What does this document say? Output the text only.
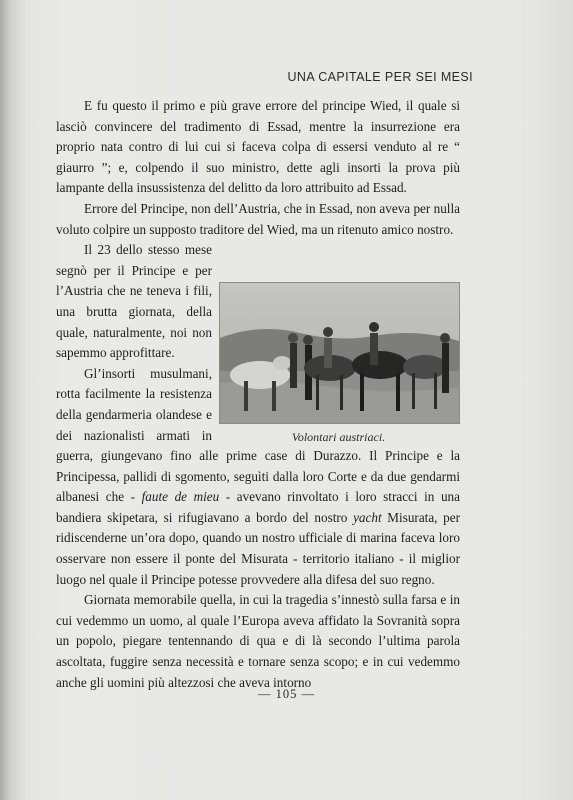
UNA CAPITALE PER SEI MESI

E fu questo il primo e più grave errore del principe Wied, il quale si lasciò convincere del tradimento di Essad, mentre la insurrezione era proprio nata contro di lui cui si faceva colpa di essersi venduto al re “ giaurro ”; e, colpendo il suo ministro, dette agli insorti la prova più lampante della insussistenza del delitto da loro attribuito ad Essad.

Errore del Principe, non dell’Austria, che in Essad, non aveva per nulla voluto colpire un supposto traditore del Wied, ma un ritenuto amico nostro.

Il 23 dello stesso mese segnò per il Principe e per l’Austria che ne teneva i fili, una brutta giornata, della quale, naturalmente, noi non sapemmo approfittare.

Gl’insorti musulmani, rotta facilmente la resistenza della gendarmeria olandese e dei nazionalisti armati in guerra, giungevano fino alle prime case di Durazzo. Il Principe e la Principessa, pallidi di sgomento, seguìti dalla loro Corte e da due gendarmi albanesi che - faute de mieu - avevano rinvoltato i loro stracci in una bandiera skipetara, si rifugiavano a bordo del nostro yacht Misurata, per ridiscenderne un’ora dopo, quando un nostro ufficiale di marina faceva loro osservare non essere il ponte del Misurata - territorio italiano - il miglior luogo nel quale il Principe potesse provvedere alla difesa del suo regno.

Giornata memorabile quella, in cui la tragedia s’innestò sulla farsa e in cui vedemmo un uomo, al quale l’Europa aveva affidato la Sovranità sopra un popolo, piegare tentennando di qua e di là secondo l’ultima parola ascoltata, fuggire senza necessità e tornare senza scopo; e in cui vedemmo anche gli uomini più altezzosi che aveva intorno

Volontari austriaci.
— 105 —
